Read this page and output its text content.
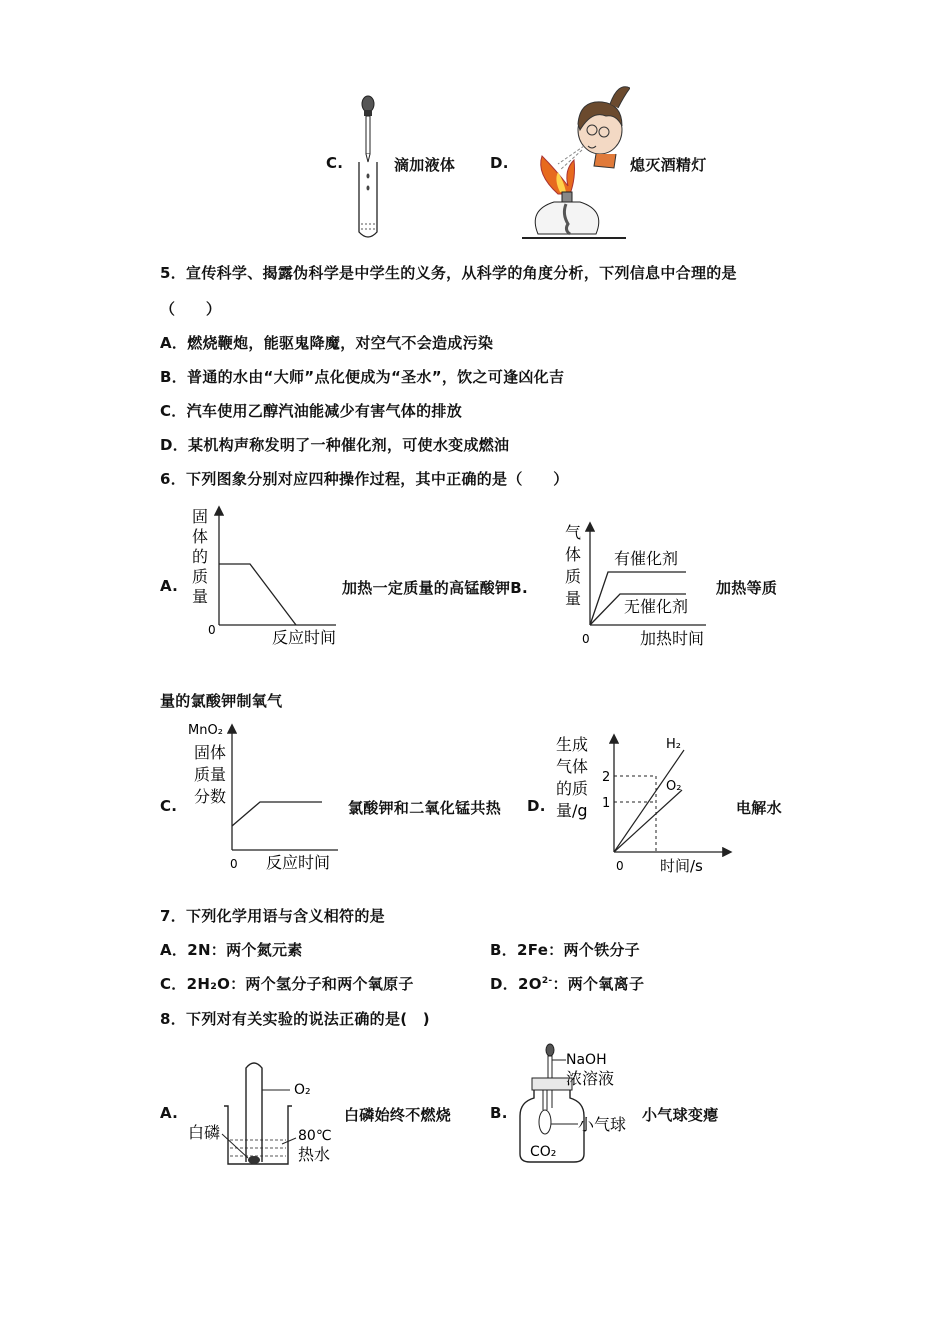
C.	滴加液体 D.	熄灭酒精灯
5．宣传科学、揭露伪科学是中学生的义务，从科学的角度分析，下列信息中合理的是
（　　）
A．燃烧鞭炮，能驱鬼降魔，对空气不会造成污染
B．普通的水由“大师”点化便成为“圣水”，饮之可逢凶化吉
C．汽车使用乙醇汽油能减少有害气体的排放
D．某机构声称发明了一种催化剂，可使水变成燃油
6．下列图象分别对应四种操作过程，其中正确的是（　　）
A.
固
体
的
质
量
0	反应时间
加热一定质量的高锰酸钾B.
气
体
质
量
有催化剂
无催化剂
0	加热时间
加热等质
量的氯酸钾制氧气
C.
MnO₂
固体
质量
分数
0 反应时间
氯酸钾和二氧化锰共热 D.
生成
气体
的质
量/g
2
1
H₂
O₂
0 时间/s
电解水
7．下列化学用语与含义相符的是
A．2N：两个氮元素	B．2Fe：两个铁分子
C．2H₂O：两个氢分子和两个氧原子	D．$2O^{2-}$：两个氧离子
8．下列对有关实验的说法正确的是(　)
A.
O₂
白磷	80℃
热水
白磷始终不燃烧	B.
NaOH
浓溶液
小气球
CO₂
小气球变瘪
